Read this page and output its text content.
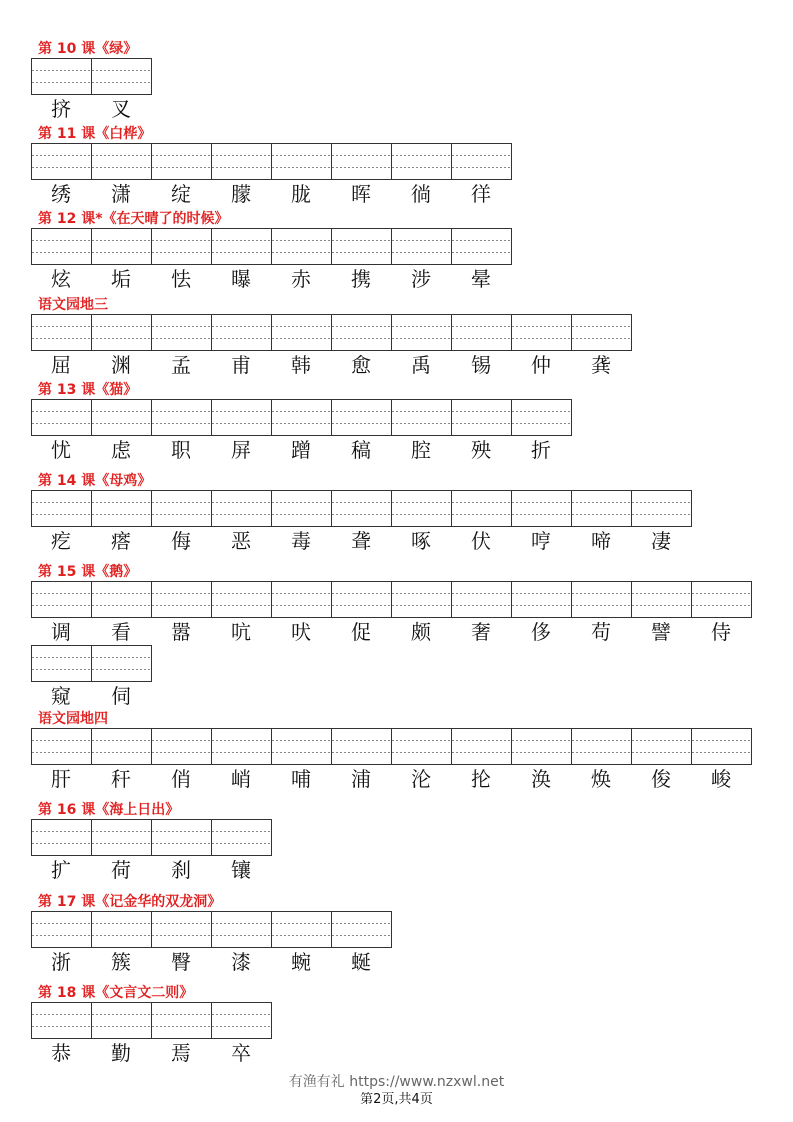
第 10 课《绿》
挤	叉
第 11 课《白桦》
绣	潇	绽	朦	胧	晖	徜	徉
第 12 课*《在天晴了的时候》
炫	垢	怯	曝	赤	携	涉	晕
语文园地三
屈	渊	孟	甫	韩	愈	禹	锡	仲	龚
第 13 课《猫》
忧	虑	职	屏	蹭	稿	腔	殃	折
第 14 课《母鸡》
疙	瘩	侮	恶	毒	聋	啄	伏	哼	啼	凄
第 15 课《鹅》
调	看	嚣	吭	吠	促	颇	奢	侈	苟	譬	侍
窥	伺
语文园地四
肝	秆	俏	峭	哺	浦	沦	抡	涣	焕	俊	峻
第 16 课《海上日出》
扩	荷	刹	镶
第 17 课《记金华的双龙洞》
浙	簇	臀	漆	蜿	蜒
第 18 课《文言文二则》
恭	勤	焉	卒
有渔有礼 https://www.nzxwl.net
第2页,共4页
